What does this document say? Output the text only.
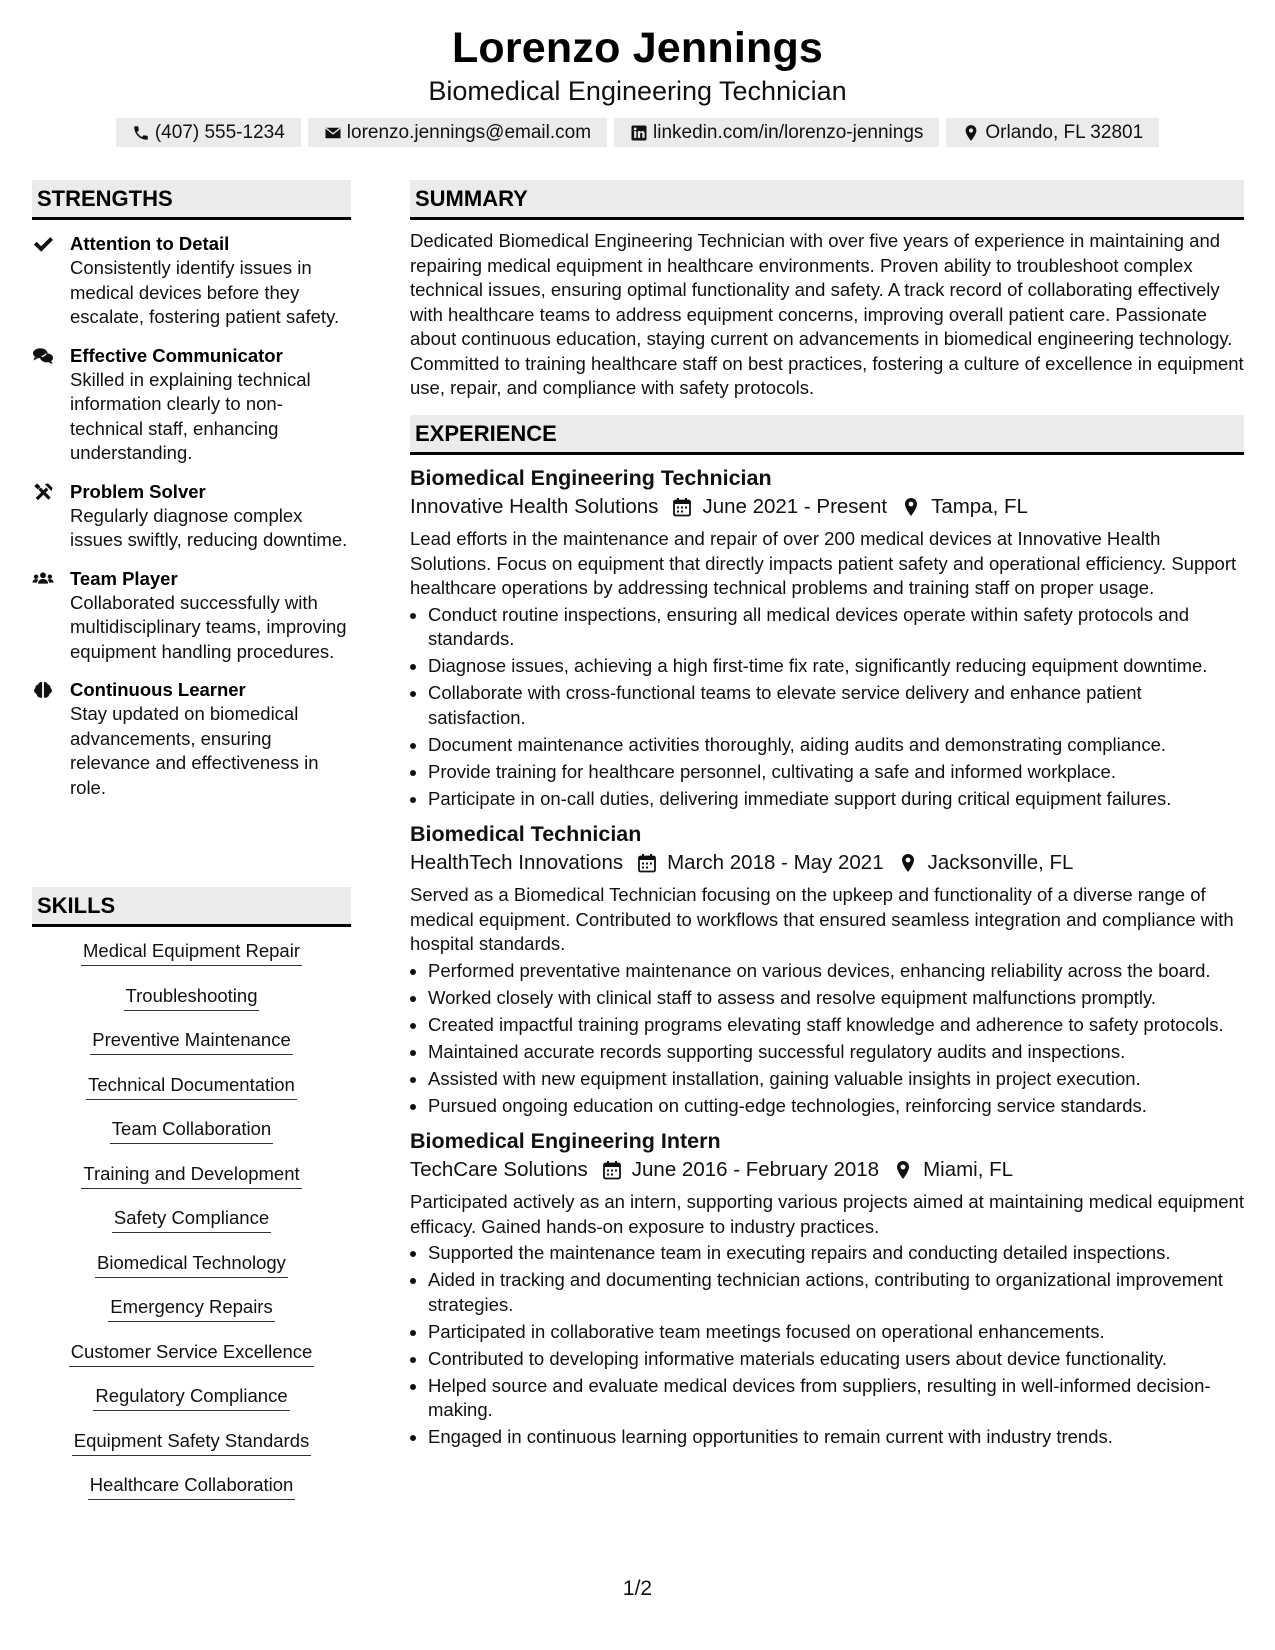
Lorenzo Jennings
Biomedical Engineering Technician
(407) 555-1234	lorenzo.jennings@email.com	linkedin.com/in/lorenzo-jennings	Orlando, FL 32801
STRENGTHS
Attention to Detail
Consistently identify issues in medical devices before they escalate, fostering patient safety.
Effective Communicator
Skilled in explaining technical information clearly to non-technical staff, enhancing understanding.
Problem Solver
Regularly diagnose complex issues swiftly, reducing downtime.
Team Player
Collaborated successfully with multidisciplinary teams, improving equipment handling procedures.
Continuous Learner
Stay updated on biomedical advancements, ensuring relevance and effectiveness in role.
SKILLS
Medical Equipment Repair
Troubleshooting
Preventive Maintenance
Technical Documentation
Team Collaboration
Training and Development
Safety Compliance
Biomedical Technology
Emergency Repairs
Customer Service Excellence
Regulatory Compliance
Equipment Safety Standards
Healthcare Collaboration
SUMMARY
Dedicated Biomedical Engineering Technician with over five years of experience in maintaining and repairing medical equipment in healthcare environments. Proven ability to troubleshoot complex technical issues, ensuring optimal functionality and safety. A track record of collaborating effectively with healthcare teams to address equipment concerns, improving overall patient care. Passionate about continuous education, staying current on advancements in biomedical engineering technology. Committed to training healthcare staff on best practices, fostering a culture of excellence in equipment use, repair, and compliance with safety protocols.
EXPERIENCE
Biomedical Engineering Technician
Innovative Health Solutions June 2021 - Present Tampa, FL
Lead efforts in the maintenance and repair of over 200 medical devices at Innovative Health Solutions. Focus on equipment that directly impacts patient safety and operational efficiency. Support healthcare operations by addressing technical problems and training staff on proper usage.
Conduct routine inspections, ensuring all medical devices operate within safety protocols and standards.
Diagnose issues, achieving a high first-time fix rate, significantly reducing equipment downtime.
Collaborate with cross-functional teams to elevate service delivery and enhance patient satisfaction.
Document maintenance activities thoroughly, aiding audits and demonstrating compliance.
Provide training for healthcare personnel, cultivating a safe and informed workplace.
Participate in on-call duties, delivering immediate support during critical equipment failures.
Biomedical Technician
HealthTech Innovations March 2018 - May 2021 Jacksonville, FL
Served as a Biomedical Technician focusing on the upkeep and functionality of a diverse range of medical equipment. Contributed to workflows that ensured seamless integration and compliance with hospital standards.
Performed preventative maintenance on various devices, enhancing reliability across the board.
Worked closely with clinical staff to assess and resolve equipment malfunctions promptly.
Created impactful training programs elevating staff knowledge and adherence to safety protocols.
Maintained accurate records supporting successful regulatory audits and inspections.
Assisted with new equipment installation, gaining valuable insights in project execution.
Pursued ongoing education on cutting-edge technologies, reinforcing service standards.
Biomedical Engineering Intern
TechCare Solutions June 2016 - February 2018 Miami, FL
Participated actively as an intern, supporting various projects aimed at maintaining medical equipment efficacy. Gained hands-on exposure to industry practices.
Supported the maintenance team in executing repairs and conducting detailed inspections.
Aided in tracking and documenting technician actions, contributing to organizational improvement strategies.
Participated in collaborative team meetings focused on operational enhancements.
Contributed to developing informative materials educating users about device functionality.
Helped source and evaluate medical devices from suppliers, resulting in well-informed decision-making.
Engaged in continuous learning opportunities to remain current with industry trends.
1/2
